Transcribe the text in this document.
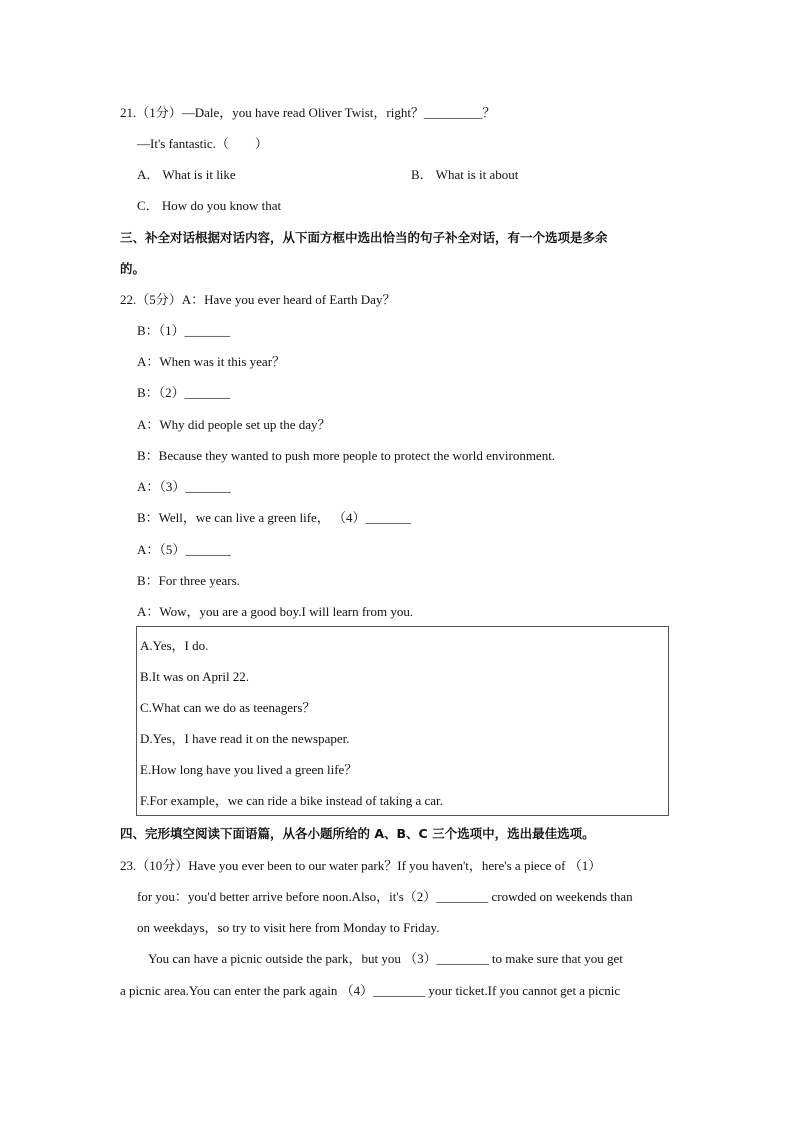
21.（1分）—Dale，you have read Oliver Twist，right？_________？
—It's fantastic.（　　）
A． What is it like	B． What is it about
C． How do you know that
三、补全对话根据对话内容，从下面方框中选出恰当的句子补全对话，有一个选项是多余
的。
22.（5分）A：Have you ever heard of Earth Day？
B：（1）_______
A：When was it this year？
B：（2）_______
A：Why did people set up the day？
B：Because they wanted to push more people to protect the world environment.
A：（3）_______
B：Well，we can live a green life， （4）_______
A：（5）_______
B：For three years.
A：Wow，you are a good boy.I will learn from you.
A.Yes，I do.
B.It was on April 22.
C.What can we do as teenagers？
D.Yes，I have read it on the newspaper.
E.How long have you lived a green life？
F.For example，we can ride a bike instead of taking a car.
四、完形填空阅读下面语篇，从各小题所给的 A、B、C 三个选项中，选出最佳选项。
23.（10分）Have you ever been to our water park？If you haven't，here's a piece of （1）
for you：you'd better arrive before noon.Also，it's（2）________ crowded on weekends than
on weekdays，so try to visit here from Monday to Friday.
You can have a picnic outside the park，but you （3）________ to make sure that you get
a picnic area.You can enter the park again （4）________ your ticket.If you cannot get a picnic
